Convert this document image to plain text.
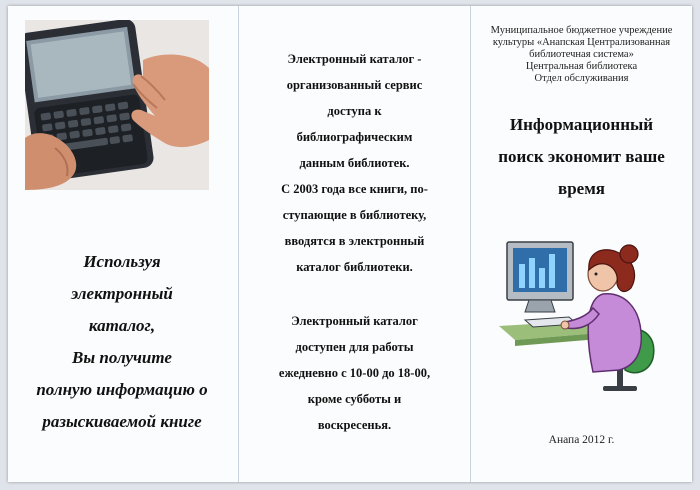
Используя
электронный
каталог,
Вы получите
полную информацию о
разыскиваемой книге
Электронный каталог -
организованный сервис
доступа к
библиографическим
данным библиотек.
С 2003 года все книги, по-
ступающие в библиотеку,
вводятся в электронный
каталог библиотеки.
Электронный каталог
доступен для работы
ежедневно с 10-00 до 18-00,
кроме субботы и
воскресенья.
Муниципальное бюджетное учреждение
культуры «Анапская Централизованная
библиотечная система»
Центральная библиотека
Отдел обслуживания
Информационный
поиск экономит ваше
время
Анапа 2012 г.
